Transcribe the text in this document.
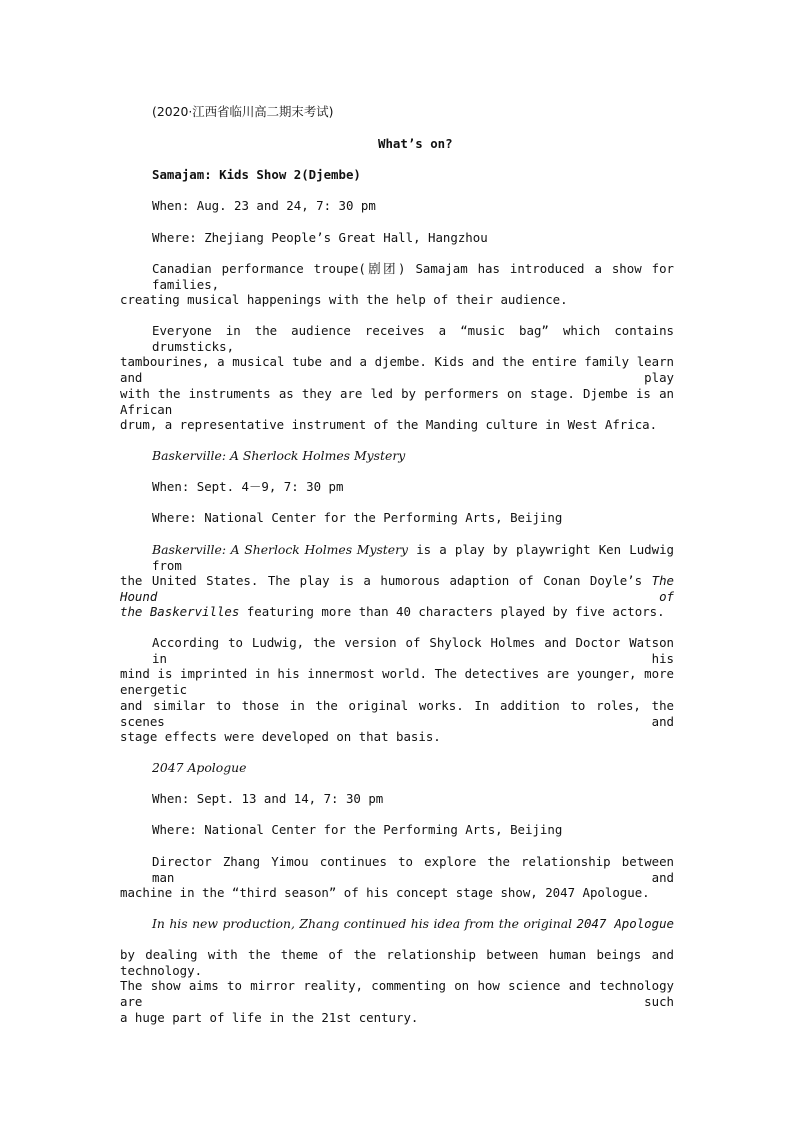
(2020·江西省临川高二期末考试)
What’s on?
Samajam: Kids Show 2(Djembe)
When: Aug. 23 and 24, 7: 30 pm
Where: Zhejiang People’s Great Hall, Hangzhou
Canadian performance troupe(剧团) Samajam has introduced a show for families,
creating musical happenings with the help of their audience.
Everyone in the audience receives a “music bag” which contains drumsticks,
tambourines, a musical tube and a djembe. Kids and the entire family learn and play
with the instruments as they are led by performers on stage. Djembe is an African
drum, a representative instrument of the Manding culture in West Africa.
Baskerville: A Sherlock Holmes Mystery
When: Sept. 4－9, 7: 30 pm
Where: National Center for the Performing Arts, Beijing
Baskerville: A Sherlock Holmes Mystery is a play by playwright Ken Ludwig from
the United States. The play is a humorous adaption of Conan Doyle’s The Hound of
the Baskervilles featuring more than 40 characters played by five actors.
According to Ludwig, the version of Shylock Holmes and Doctor Watson in his
mind is imprinted in his innermost world. The detectives are younger, more energetic
and similar to those in the original works. In addition to roles, the scenes and
stage effects were developed on that basis.
2047 Apologue
When: Sept. 13 and 14, 7: 30 pm
Where: National Center for the Performing Arts, Beijing
Director Zhang Yimou continues to explore the relationship between man and
machine in the “third season” of his concept stage show, 2047 Apologue.
In his new production, Zhang continued his idea from the original 2047 Apologue
by dealing with the theme of the relationship between human beings and technology.
The show aims to mirror reality, commenting on how science and technology are such
a huge part of life in the 21st century.
